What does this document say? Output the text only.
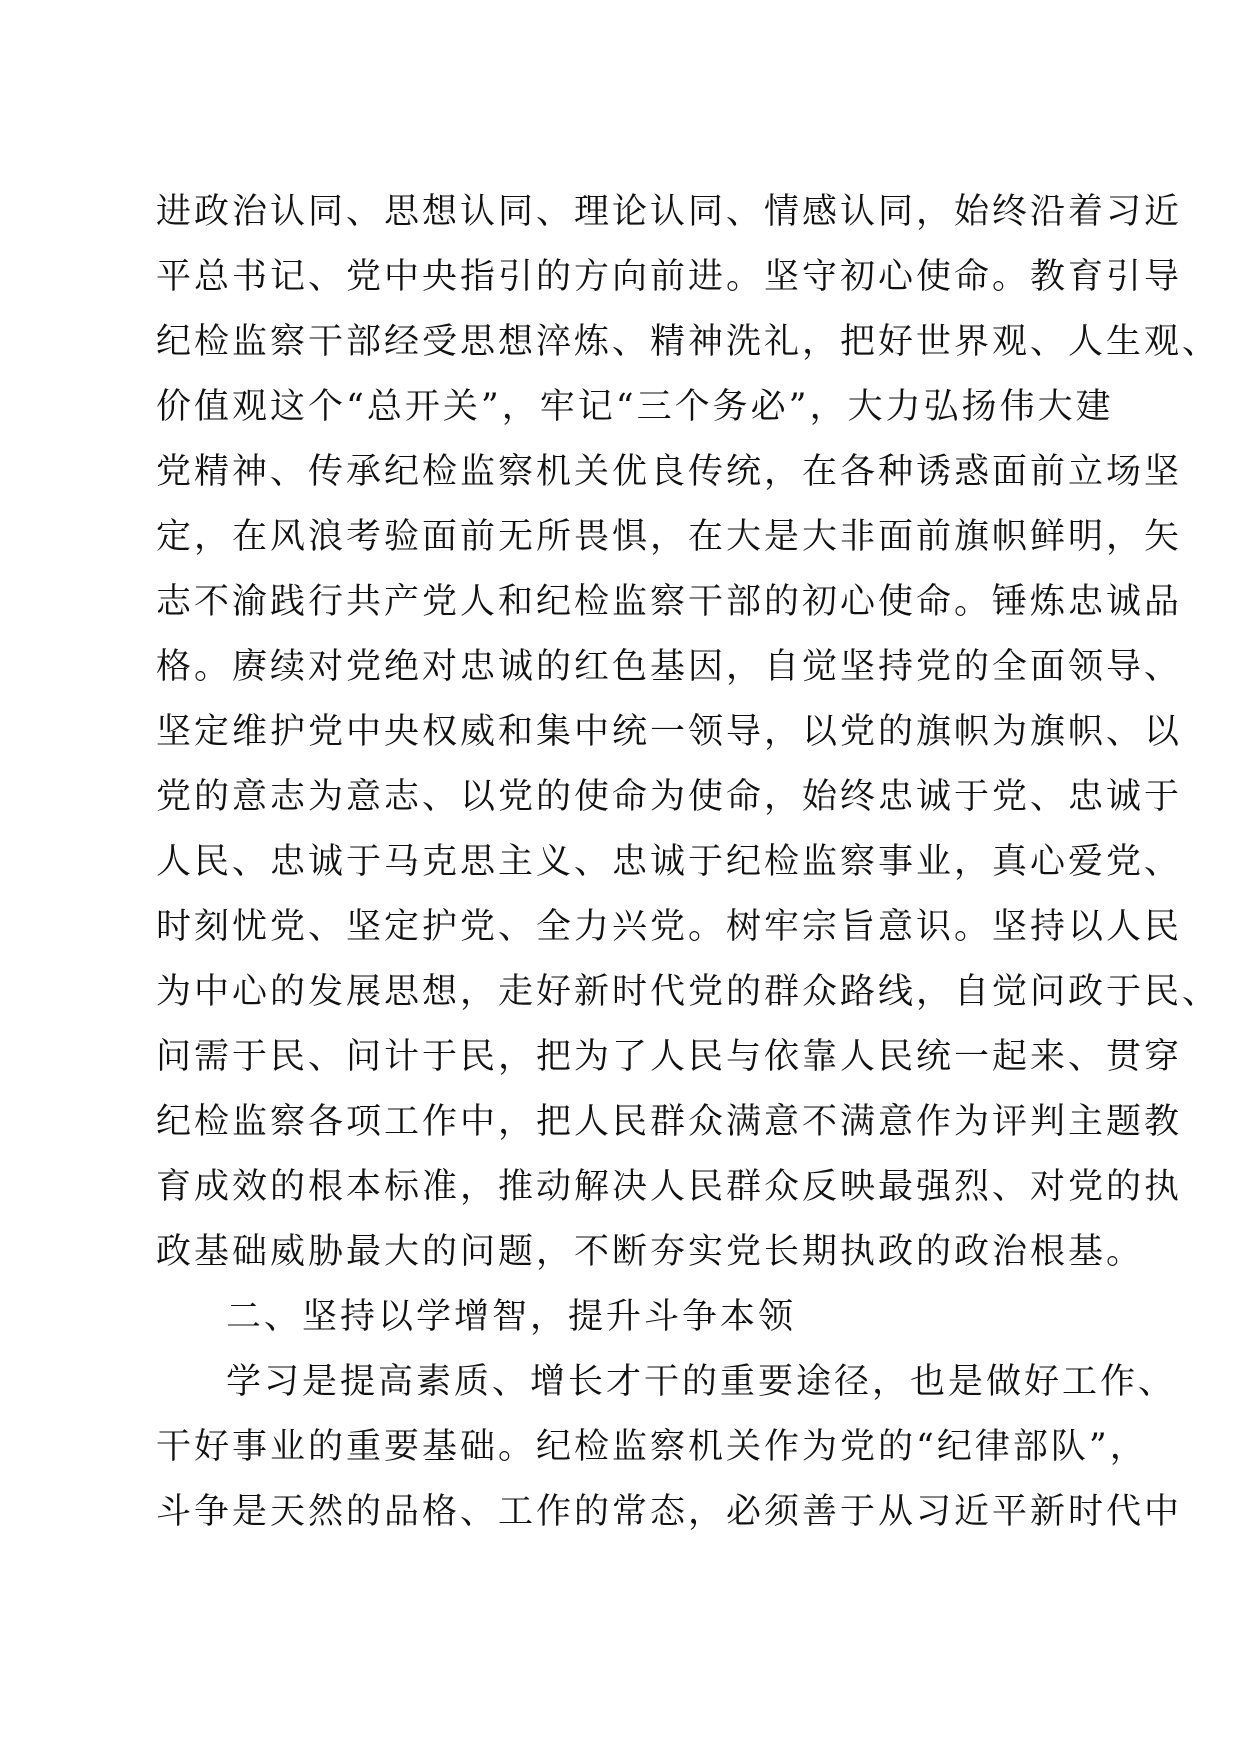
进政治认同、思想认同、理论认同、情感认同，始终沿着习近

平总书记、党中央指引的方向前进。坚守初心使命。教育引导

纪检监察干部经受思想淬炼、精神洗礼，把好世界观、人生观、

价值观这个“总开关”，牢记“三个务必”，大力弘扬伟大建

党精神、传承纪检监察机关优良传统，在各种诱惑面前立场坚

定，在风浪考验面前无所畏惧，在大是大非面前旗帜鲜明，矢

志不渝践行共产党人和纪检监察干部的初心使命。锤炼忠诚品

格。赓续对党绝对忠诚的红色基因，自觉坚持党的全面领导、

坚定维护党中央权威和集中统一领导，以党的旗帜为旗帜、以

党的意志为意志、以党的使命为使命，始终忠诚于党、忠诚于

人民、忠诚于马克思主义、忠诚于纪检监察事业，真心爱党、

时刻忧党、坚定护党、全力兴党。树牢宗旨意识。坚持以人民

为中心的发展思想，走好新时代党的群众路线，自觉问政于民、

问需于民、问计于民，把为了人民与依靠人民统一起来、贯穿

纪检监察各项工作中，把人民群众满意不满意作为评判主题教

育成效的根本标准，推动解决人民群众反映最强烈、对党的执

政基础威胁最大的问题，不断夯实党长期执政的政治根基。

二、坚持以学增智，提升斗争本领

学习是提高素质、增长才干的重要途径，也是做好工作、

干好事业的重要基础。纪检监察机关作为党的“纪律部队”，

斗争是天然的品格、工作的常态，必须善于从习近平新时代中
